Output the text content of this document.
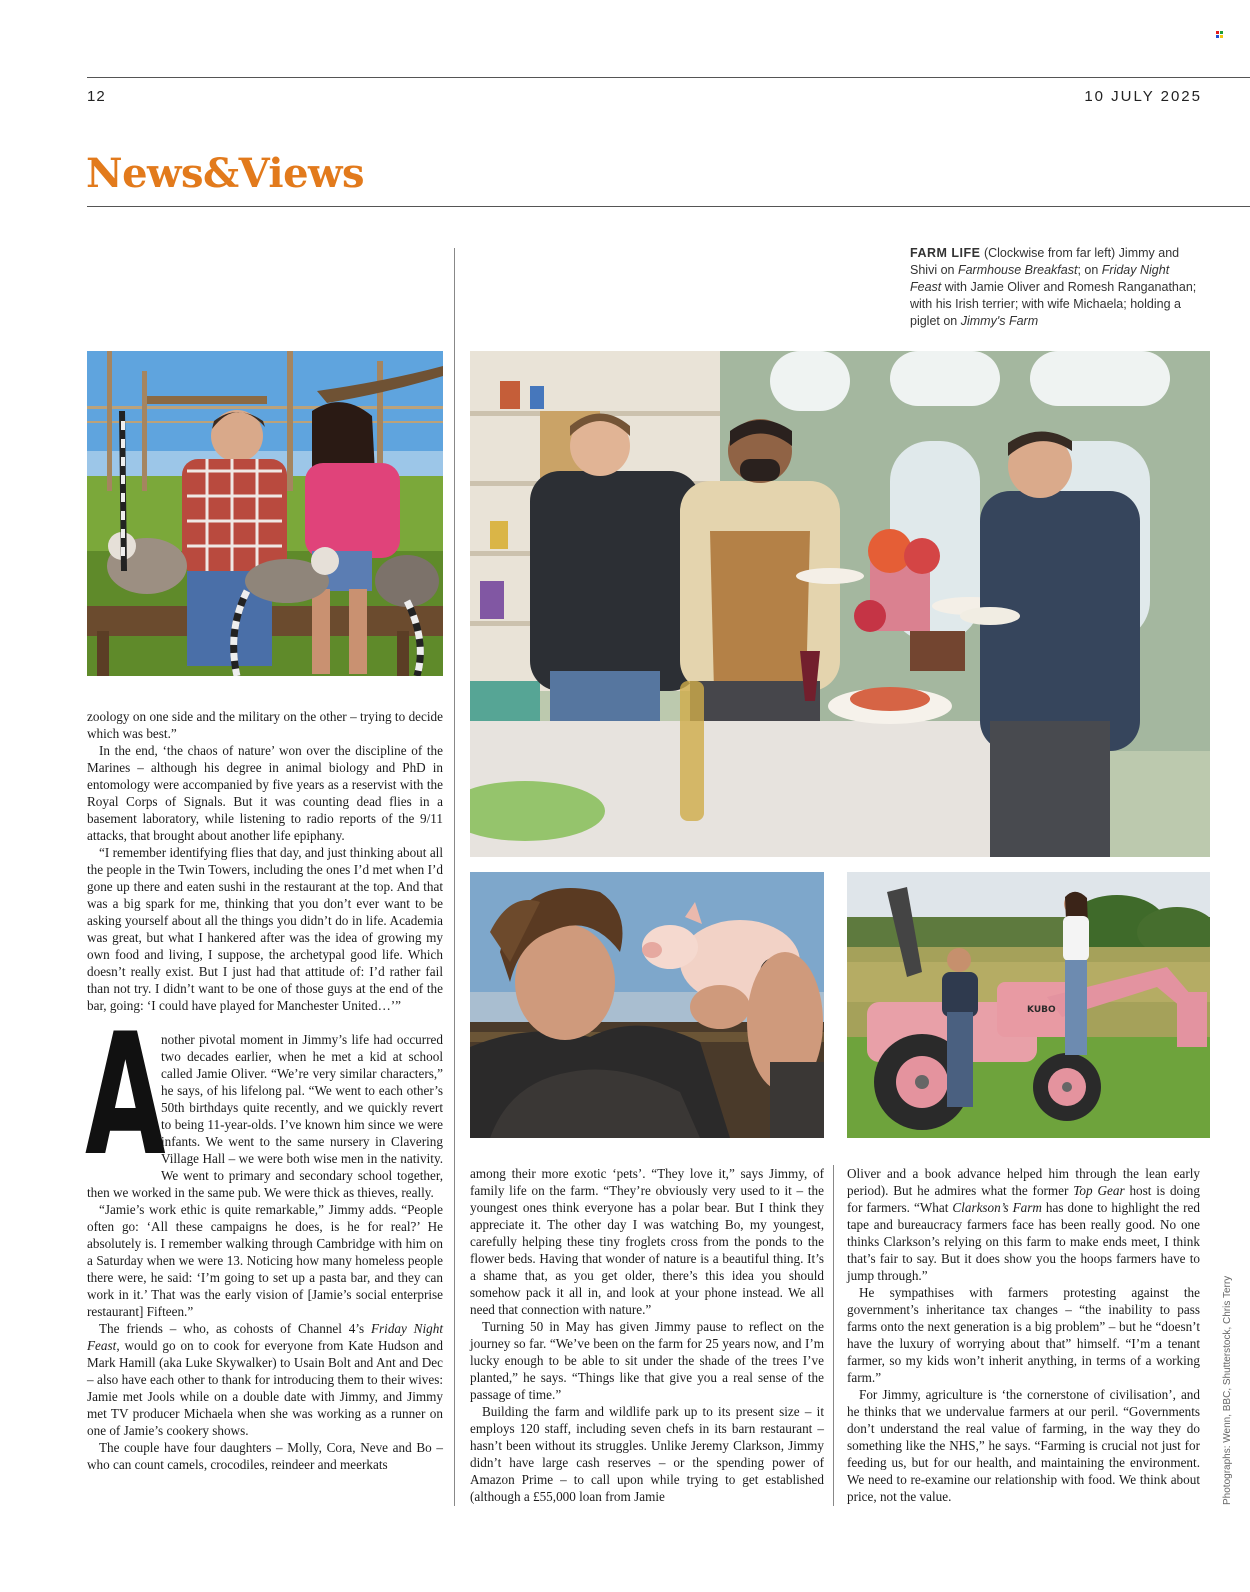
12	10 JULY 2025
News&Views
FARM LIFE (Clockwise from far left) Jimmy and Shivi on Farmhouse Breakfast; on Friday Night Feast with Jamie Oliver and Romesh Ranganathan; with his Irish terrier; with wife Michaela; holding a piglet on Jimmy's Farm
KUBO

zoology on one side and the military on the other – trying to decide which was best.”

In the end, ‘the chaos of nature’ won over the discipline of the Marines – although his degree in animal biology and PhD in entomology were accompanied by five years as a reservist with the Royal Corps of Signals. But it was counting dead flies in a basement laboratory, while listening to radio reports of the 9/11 attacks, that brought about another life epiphany.

“I remember identifying flies that day, and just thinking about all the people in the Twin Towers, including the ones I’d met when I’d gone up there and eaten sushi in the restaurant at the top. And that was a big spark for me, thinking that you don’t ever want to be asking yourself about all the things you didn’t do in life. Academia was great, but what I hankered after was the idea of growing my own food and living, I suppose, the archetypal good life. Which doesn’t really exist. But I just had that attitude of: I’d rather fail than not try. I didn’t want to be one of those guys at the end of the bar, going: ‘I could have played for Manchester United…’”

A
nother pivotal moment in Jimmy’s life had occurred two decades earlier, when he met a kid at school called Jamie Oliver. “We’re very similar characters,” he says, of his lifelong pal. “We went to each other’s 50th birthdays quite recently, and we quickly revert to being 11-year-olds. I’ve known him since we were infants. We went to the same nursery in Clavering Village Hall – we were both wise men in the nativity. We went to primary and secondary school together, then we worked in the same pub. We were thick as thieves, really.

“Jamie’s work ethic is quite remarkable,” Jimmy adds. “People often go: ‘All these campaigns he does, is he for real?’ He absolutely is. I remember walking through Cambridge with him on a Saturday when we were 13. Noticing how many homeless people there were, he said: ‘I’m going to set up a pasta bar, and they can work in it.’ That was the early vision of [Jamie’s social enterprise restaurant] Fifteen.”

The friends – who, as cohosts of Channel 4’s Friday Night Feast, would go on to cook for everyone from Kate Hudson and Mark Hamill (aka Luke Skywalker) to Usain Bolt and Ant and Dec – also have each other to thank for introducing them to their wives: Jamie met Jools while on a double date with Jimmy, and Jimmy met TV producer Michaela when she was working as a runner on one of Jamie’s cookery shows.

The couple have four daughters – Molly, Cora, Neve and Bo – who can count camels, crocodiles, reindeer and meerkats

among their more exotic ‘pets’. “They love it,” says Jimmy, of family life on the farm. “They’re obviously very used to it – the youngest ones think everyone has a polar bear. But I think they appreciate it. The other day I was watching Bo, my youngest, carefully helping these tiny froglets cross from the ponds to the flower beds. Having that wonder of nature is a beautiful thing. It’s a shame that, as you get older, there’s this idea you should somehow pack it all in, and look at your phone instead. We all need that connection with nature.”

Turning 50 in May has given Jimmy pause to reflect on the journey so far. “We’ve been on the farm for 25 years now, and I’m lucky enough to be able to sit under the shade of the trees I’ve planted,” he says. “Things like that give you a real sense of the passage of time.”

Building the farm and wildlife park up to its present size – it employs 120 staff, including seven chefs in its barn restaurant – hasn’t been without its struggles. Unlike Jeremy Clarkson, Jimmy didn’t have large cash reserves – or the spending power of Amazon Prime – to call upon while trying to get established (although a £55,000 loan from Jamie

Oliver and a book advance helped him through the lean early period). But he admires what the former Top Gear host is doing for farmers. “What Clarkson’s Farm has done to highlight the red tape and bureaucracy farmers face has been really good. No one thinks Clarkson’s relying on this farm to make ends meet, I think that’s fair to say. But it does show you the hoops farmers have to jump through.”

He sympathises with farmers protesting against the government’s inheritance tax changes – “the inability to pass farms onto the next generation is a big problem” – but he “doesn’t have the luxury of worrying about that” himself. “I’m a tenant farmer, so my kids won’t inherit anything, in terms of a working farm.”

For Jimmy, agriculture is ‘the cornerstone of civilisation’, and he thinks that we undervalue farmers at our peril. “Governments don’t understand the real value of farming, in the way they do something like the NHS,” he says. “Farming is crucial not just for feeding us, but for our health, and maintaining the environment. We need to re-examine our relationship with food. We think about price, not the value.	Photographs: Wenn, BBC, Shutterstock, Chris Terry
